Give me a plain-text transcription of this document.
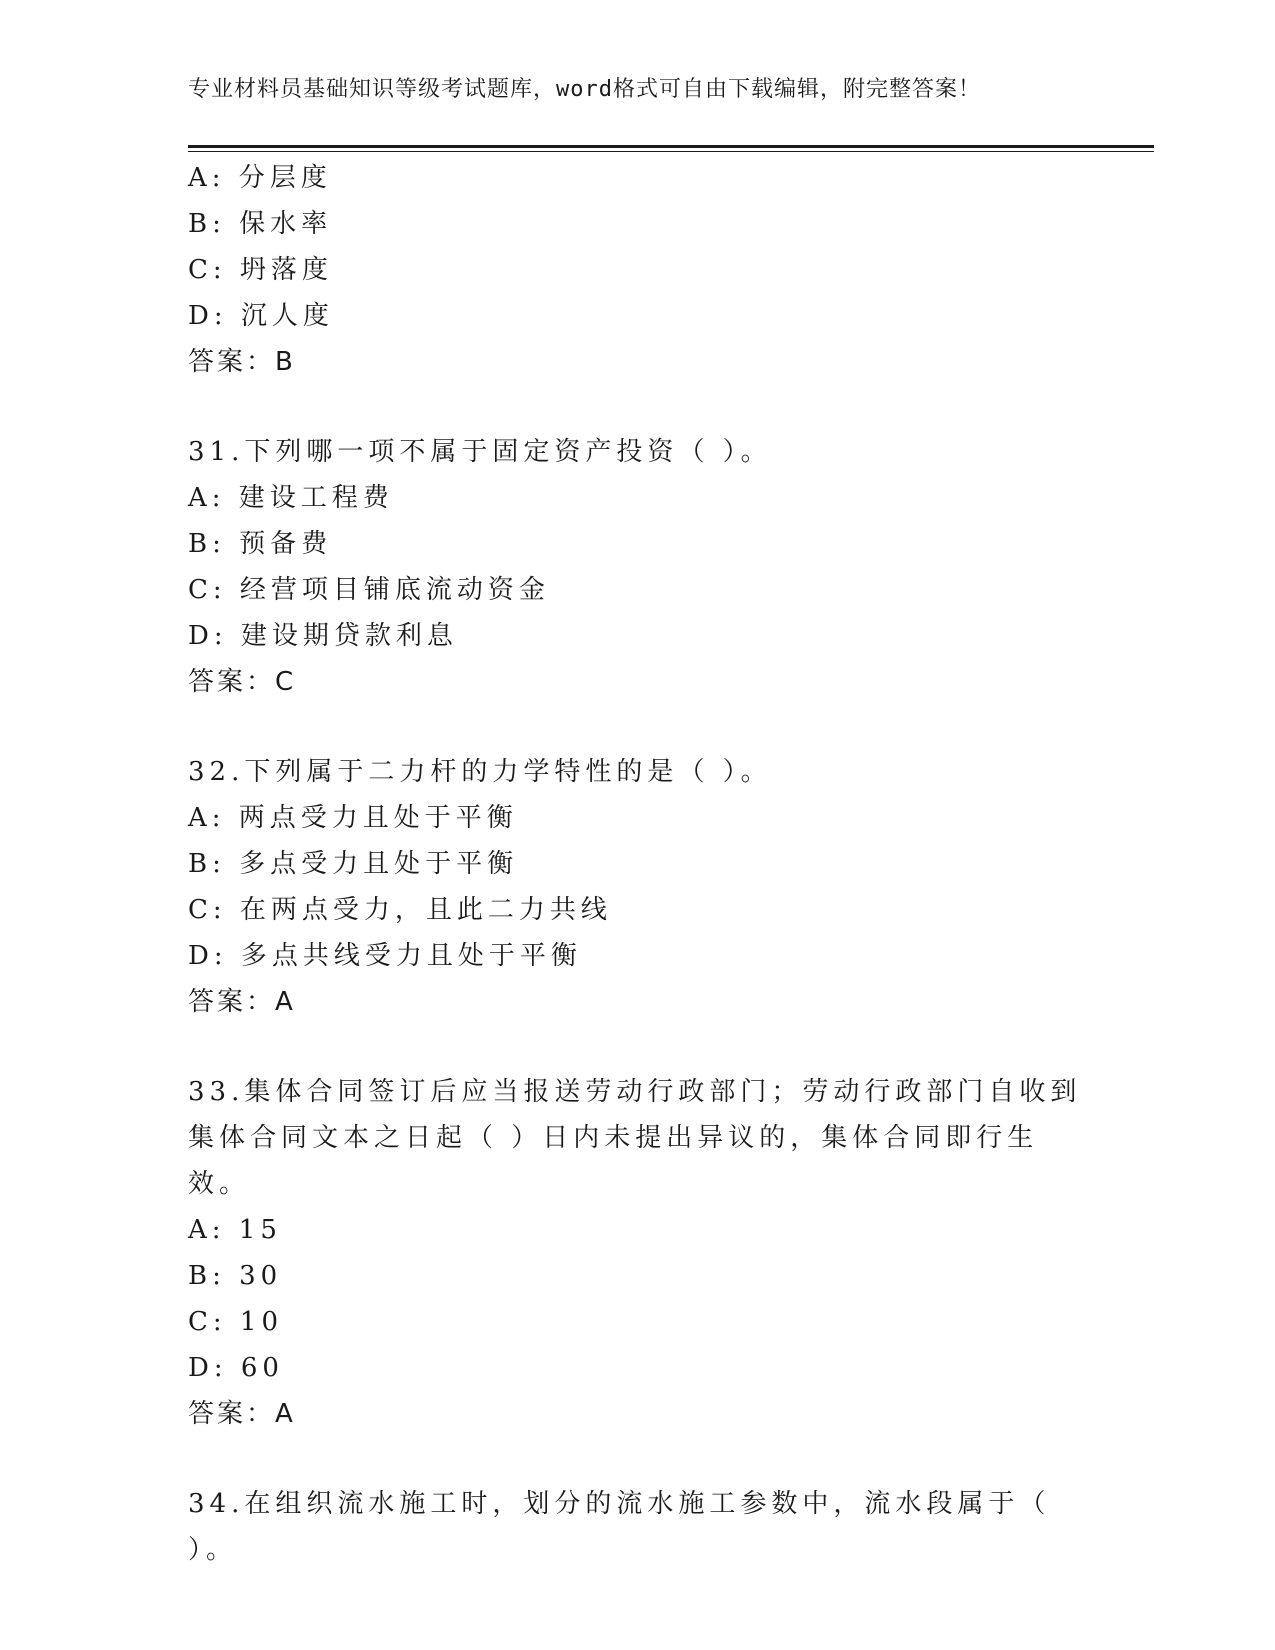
专业材料员基础知识等级考试题库，word格式可自由下载编辑，附完整答案！
A: 分层度
B: 保水率
C: 坍落度
D: 沉人度
答案：B
31.下列哪一项不属于固定资产投资（ ）。
A: 建设工程费
B: 预备费
C: 经营项目铺底流动资金
D: 建设期贷款利息
答案：C
32.下列属于二力杆的力学特性的是（ ）。
A: 两点受力且处于平衡
B: 多点受力且处于平衡
C: 在两点受力，且此二力共线
D: 多点共线受力且处于平衡
答案：A
33.集体合同签订后应当报送劳动行政部门；劳动行政部门自收到集体合同文本之日起（ ）日内未提出异议的，集体合同即行生效。
A: 15
B: 30
C: 10
D: 60
答案：A
34.在组织流水施工时，划分的流水施工参数中，流水段属于（ ）。
